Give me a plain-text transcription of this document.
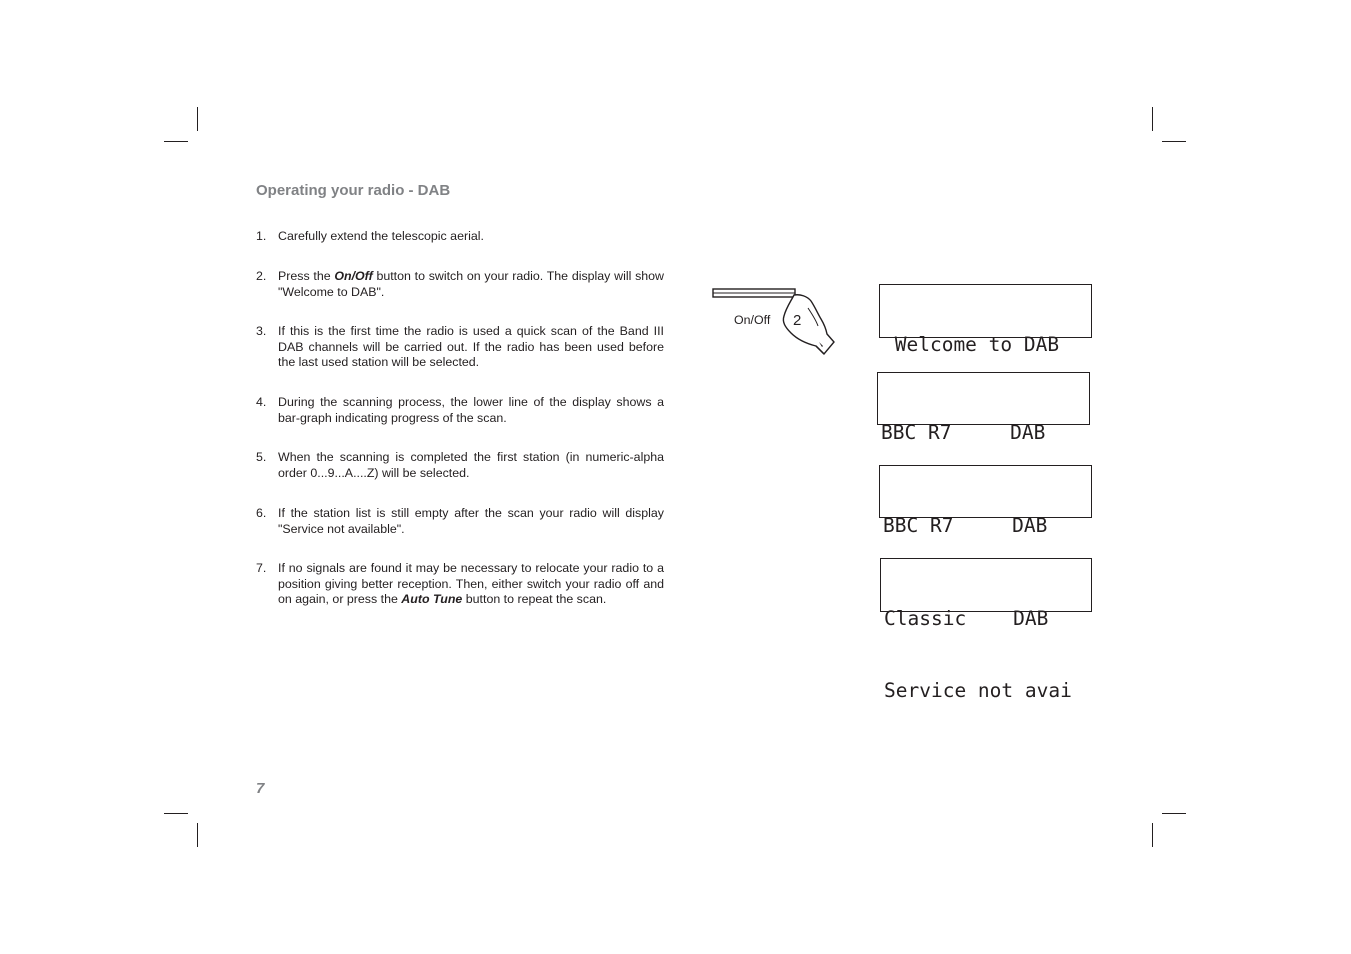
Operating your radio - DAB
1. Carefully extend the telescopic aerial.
2. Press the On/Off button to switch on your radio. The display will show "Welcome to DAB".
3. If this is the first time the radio is used a quick scan of the Band III DAB channels will be carried out. If the radio has been used before the last used station will be selected.
4. During the scanning process, the lower line of the display shows a bar-graph indicating progress of the scan.
5. When the scanning is completed the first station (in numeric-alpha order 0...9...A....Z) will be selected.
6. If the station list is still empty after the scan your radio will display "Service not available".
7. If no signals are found it may be necessary to relocate your radio to a position giving better reception. Then, either switch your radio off and on again, or press the Auto Tune button to repeat the scan.
On/Off 2

Welcome to DAB

BBC R7     DAB

BBC R7     DAB

Classic    DAB

Service not avai

7
